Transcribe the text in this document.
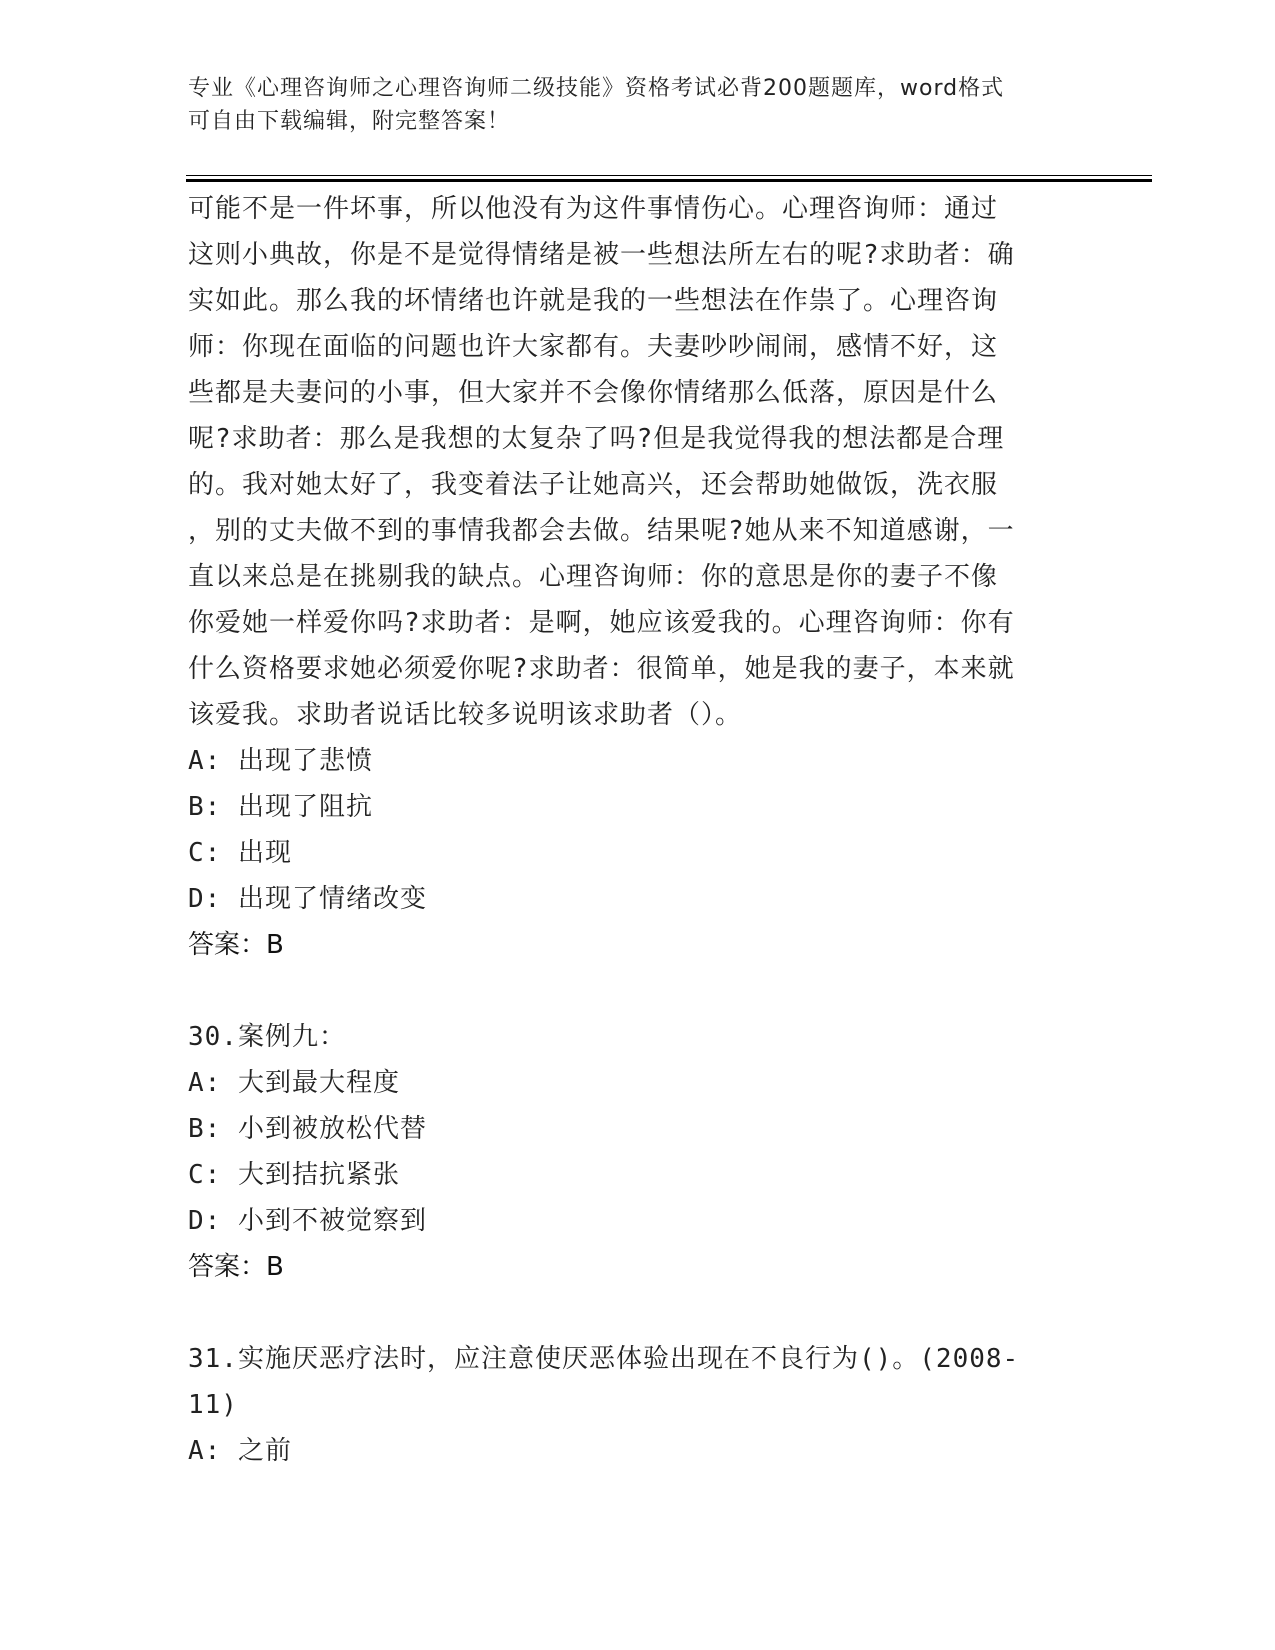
专业《心理咨询师之心理咨询师二级技能》资格考试必背200题题库，word格式
可自由下载编辑，附完整答案！
可能不是一件坏事，所以他没有为这件事情伤心。心理咨询师：通过
这则小典故，你是不是觉得情绪是被一些想法所左右的呢?求助者：确
实如此。那么我的坏情绪也许就是我的一些想法在作祟了。心理咨询
师：你现在面临的问题也许大家都有。夫妻吵吵闹闹，感情不好，这
些都是夫妻问的小事，但大家并不会像你情绪那么低落，原因是什么
呢?求助者：那么是我想的太复杂了吗?但是我觉得我的想法都是合理
的。我对她太好了，我变着法子让她高兴，还会帮助她做饭，洗衣服
，别的丈夫做不到的事情我都会去做。结果呢?她从来不知道感谢，一
直以来总是在挑剔我的缺点。心理咨询师：你的意思是你的妻子不像
你爱她一样爱你吗?求助者：是啊，她应该爱我的。心理咨询师：你有
什么资格要求她必须爱你呢?求助者：很简单，她是我的妻子，本来就
该爱我。求助者说话比较多说明该求助者（）。
A: 出现了悲愤
B: 出现了阻抗
C: 出现
D: 出现了情绪改变
答案：B
30.案例九：
A: 大到最大程度
B: 小到被放松代替
C: 大到拮抗紧张
D: 小到不被觉察到
答案：B
31.实施厌恶疗法时，应注意使厌恶体验出现在不良行为()。(2008-
11)
A: 之前
